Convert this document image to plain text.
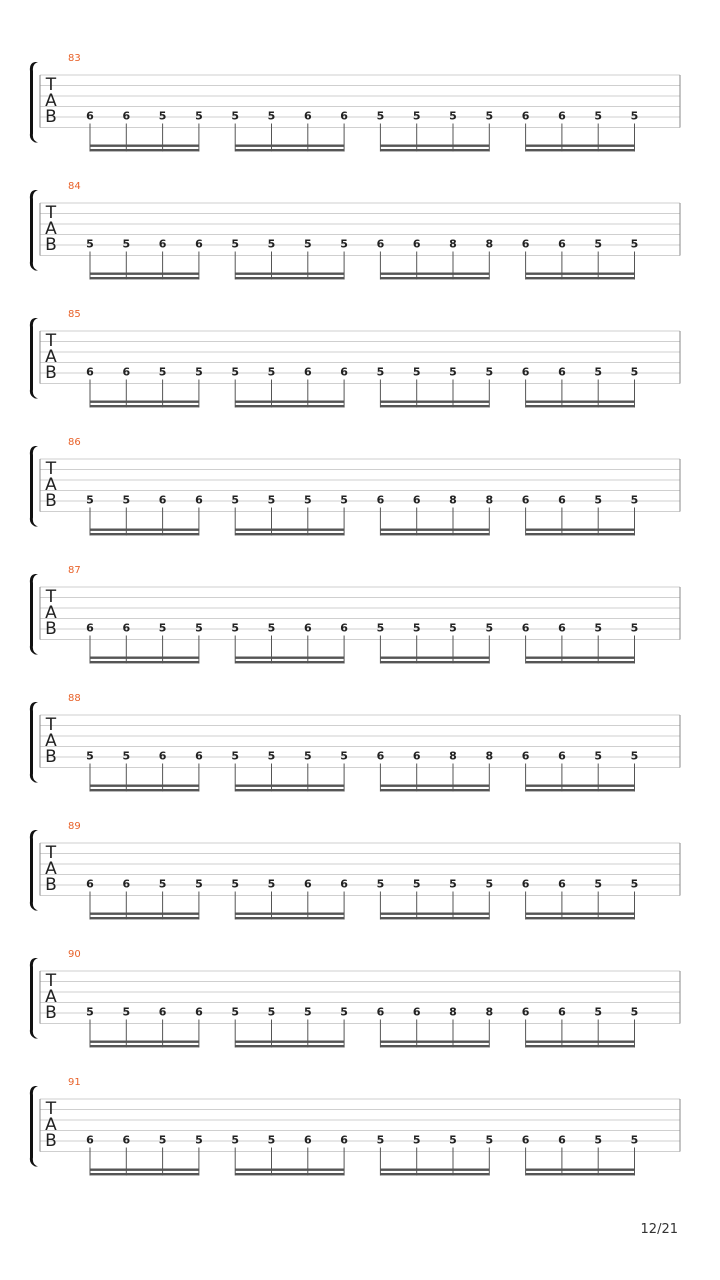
83
T
A
B	6	6	5	5	5	5	6	6	5	5	5	5	6	6	5	5
84
T
A
B	5	5	6	6	5	5	5	5	6	6	8	8	6	6	5	5
85
T
A
B	6	6	5	5	5	5	6	6	5	5	5	5	6	6	5	5
86
T
A
B	5	5	6	6	5	5	5	5	6	6	8	8	6	6	5	5
87
T
A
B	6	6	5	5	5	5	6	6	5	5	5	5	6	6	5	5
88
T
A
B	5	5	6	6	5	5	5	5	6	6	8	8	6	6	5	5
89
T
A
B	6	6	5	5	5	5	6	6	5	5	5	5	6	6	5	5
90
T
A
B	5	5	6	6	5	5	5	5	6	6	8	8	6	6	5	5
91
T
A
B	6	6	5	5	5	5	6	6	5	5	5	5	6	6	5	5
12/21
